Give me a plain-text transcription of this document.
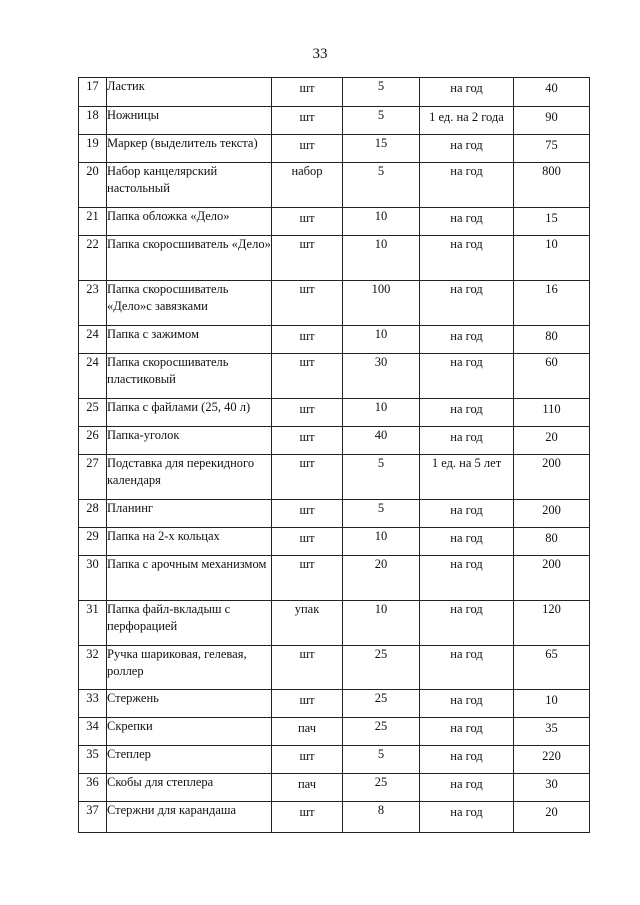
33
17	Ластик	шт	5	на год	40
18	Ножницы	шт	5	1 ед. на 2 года	90
19	Маркер (выделитель текста)	шт	15	на год	75
20	Набор канцелярский настольный	набор	5	на год	800
21	Папка обложка «Дело»	шт	10	на год	15
22	Папка скоросшиватель «Дело»	шт	10	на год	10
23	Папка скоросшиватель «Дело»с завязками	шт	100	на год	16
24	Папка с зажимом	шт	10	на год	80
24	Папка скоросшиватель пластиковый	шт	30	на год	60
25	Папка с файлами (25, 40 л)	шт	10	на год	110
26	Папка-уголок	шт	40	на год	20
27	Подставка для перекидного календаря	шт	5	1 ед. на 5 лет	200
28	Планинг	шт	5	на год	200
29	Папка на 2-х кольцах	шт	10	на год	80
30	Папка с арочным механизмом	шт	20	на год	200
31	Папка файл-вкладыш с перфорацией	упак	10	на год	120
32	Ручка шариковая, гелевая, роллер	шт	25	на год	65
33	Стержень	шт	25	на год	10
34	Скрепки	пач	25	на год	35
35	Степлер	шт	5	на год	220
36	Скобы для степлера	пач	25	на год	30
37	Стержни для карандаша	шт	8	на год	20
